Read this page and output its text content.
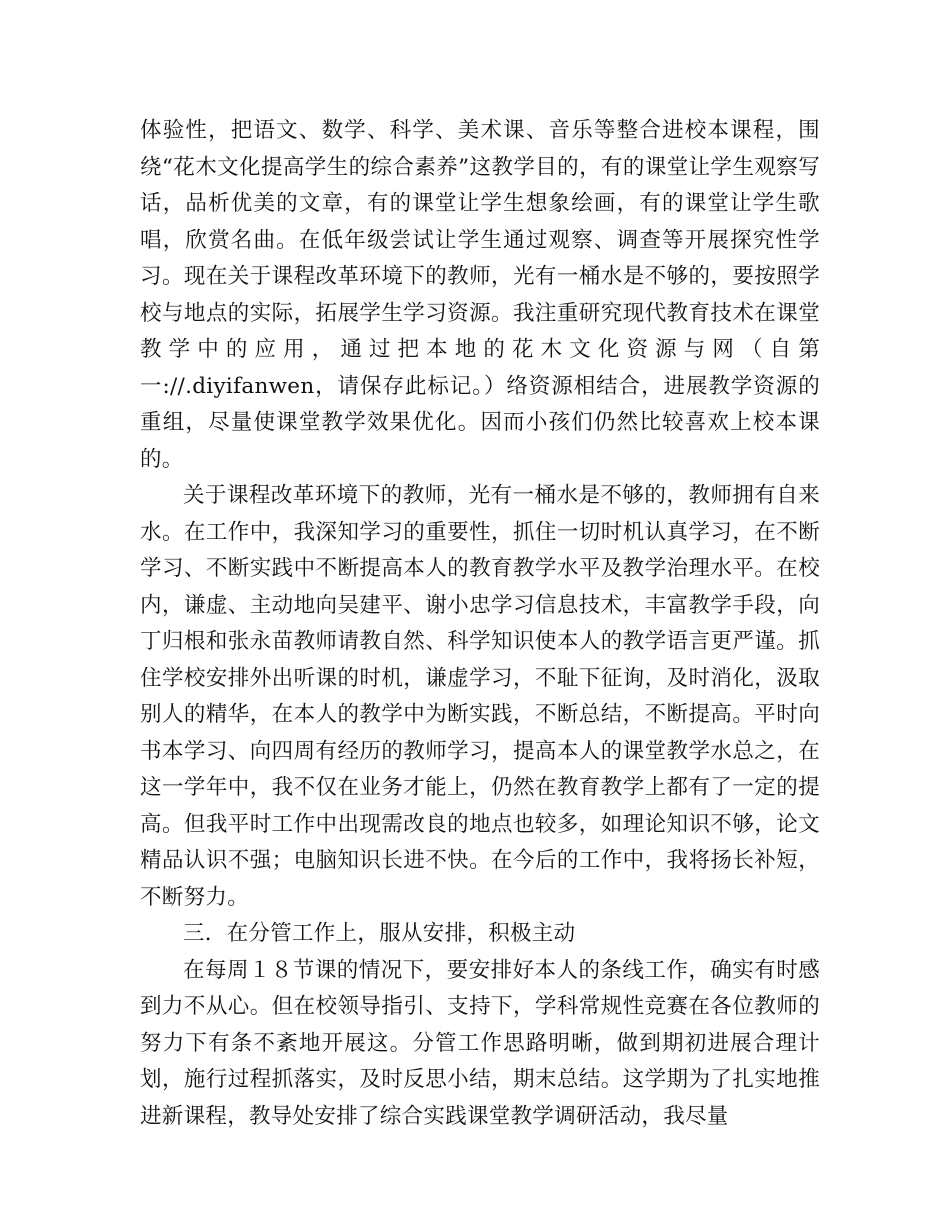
体验性，把语文、数学、科学、美术课、音乐等整合进校本课程，围绕“花木文化提高学生的综合素养”这教学目的，有的课堂让学生观察写话，品析优美的文章，有的课堂让学生想象绘画，有的课堂让学生歌唱，欣赏名曲。在低年级尝试让学生通过观察、调查等开展探究性学习。现在关于课程改革环境下的教师，光有一桶水是不够的，要按照学校与地点的实际，拓展学生学习资源。我注重研究现代教育技术在课堂教学中的应用，通过把本地的花木文化资源与网（自第一://.diyifanwen，请保存此标记。）络资源相结合，进展教学资源的重组，尽量使课堂教学效果优化。因而小孩们仍然比较喜欢上校本课的。

关于课程改革环境下的教师，光有一桶水是不够的，教师拥有自来水。在工作中，我深知学习的重要性，抓住一切时机认真学习，在不断学习、不断实践中不断提高本人的教育教学水平及教学治理水平。在校内，谦虚、主动地向吴建平、谢小忠学习信息技术，丰富教学手段，向丁归根和张永苗教师请教自然、科学知识使本人的教学语言更严谨。抓住学校安排外出听课的时机，谦虚学习，不耻下征询，及时消化，汲取别人的精华，在本人的教学中为断实践，不断总结，不断提高。平时向书本学习、向四周有经历的教师学习，提高本人的课堂教学水总之，在这一学年中，我不仅在业务才能上，仍然在教育教学上都有了一定的提高。但我平时工作中出现需改良的地点也较多，如理论知识不够，论文精品认识不强；电脑知识长进不快。在今后的工作中，我将扬长补短，不断努力。

三．在分管工作上，服从安排，积极主动

在每周１８节课的情况下，要安排好本人的条线工作，确实有时感到力不从心。但在校领导指引、支持下，学科常规性竞赛在各位教师的努力下有条不紊地开展这。分管工作思路明晰，做到期初进展合理计划，施行过程抓落实，及时反思小结，期末总结。这学期为了扎实地推进新课程，教导处安排了综合实践课堂教学调研活动，我尽量
